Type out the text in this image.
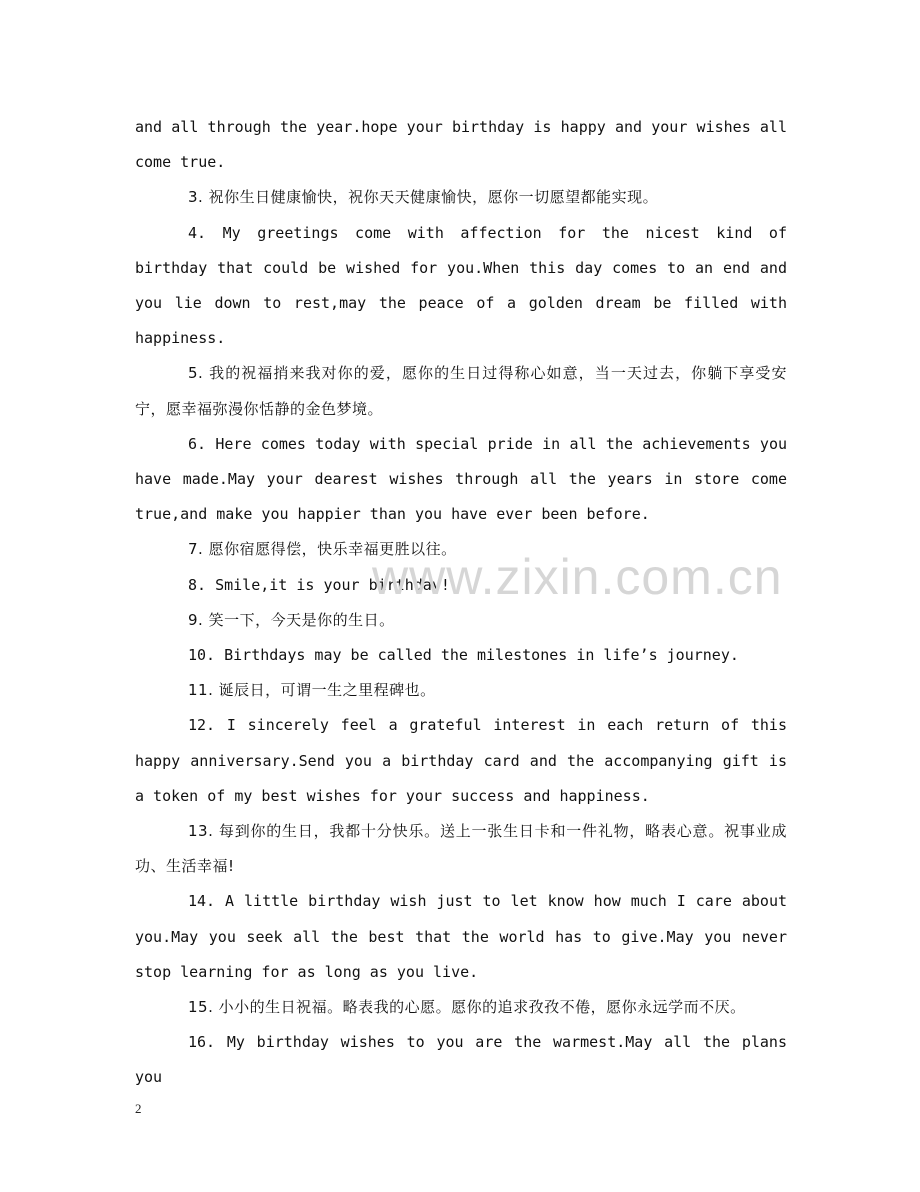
and all through the year.hope your birthday is happy and your wishes all come true.

3. 祝你生日健康愉快，祝你天天健康愉快，愿你一切愿望都能实现。

4. My greetings come with affection for the nicest kind of birthday that could be wished for you.When this day comes to an end and you lie down to rest,may the peace of a golden dream be filled with happiness.

5. 我的祝福捎来我对你的爱，愿你的生日过得称心如意，当一天过去，你躺下享受安宁，愿幸福弥漫你恬静的金色梦境。

6. Here comes today with special pride in all the achievements you have made.May your dearest wishes through all the years in store come true,and make you happier than you have ever been before.

7. 愿你宿愿得偿，快乐幸福更胜以往。

8. Smile,it is your birthday!

9. 笑一下，今天是你的生日。

10. Birthdays may be called the milestones in life’s journey.

11. 诞辰日，可谓一生之里程碑也。

12. I sincerely feel a grateful interest in each return of this happy anniversary.Send you a birthday card and the accompanying gift is a token of my best wishes for your success and happiness.

13. 每到你的生日，我都十分快乐。送上一张生日卡和一件礼物，略表心意。祝事业成功、生活幸福!

14. A little birthday wish just to let know how much I care about you.May you seek all the best that the world has to give.May you never stop learning for as long as you live.

15. 小小的生日祝福。略表我的心愿。愿你的追求孜孜不倦，愿你永远学而不厌。

16. My birthday wishes to you are the warmest.May all the plans you

www.zixin.com.cn
2
